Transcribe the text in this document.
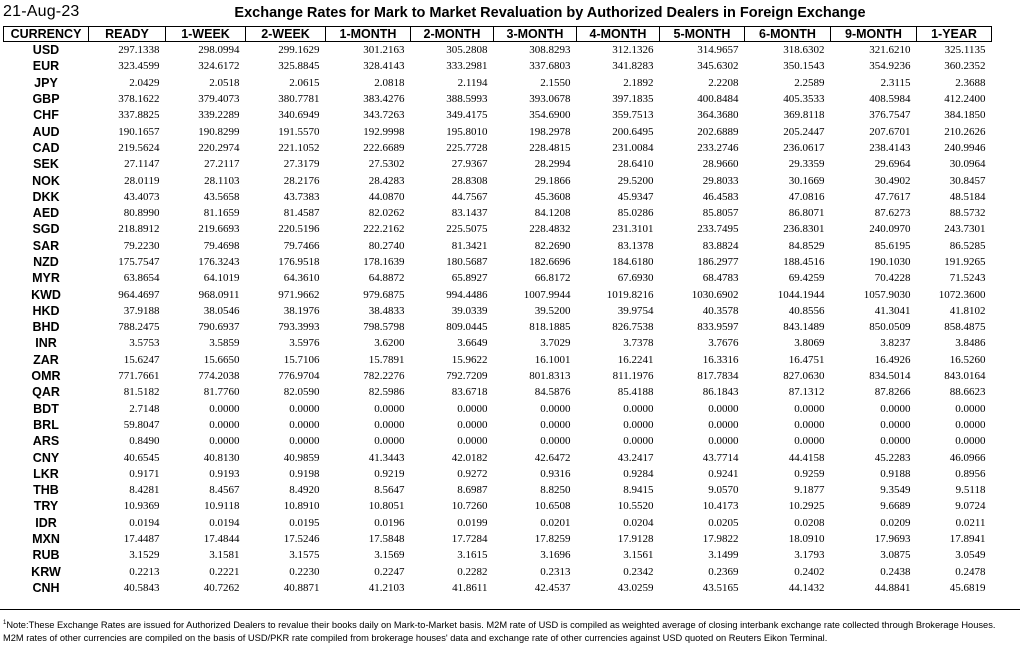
21-Aug-23	Exchange Rates for Mark to Market Revaluation by Authorized Dealers in Foreign Exchange
CURRENCY	READY	1-WEEK	2-WEEK	1-MONTH	2-MONTH	3-MONTH	4-MONTH	5-MONTH	6-MONTH	9-MONTH	1-YEAR
USD	297.1338	298.0994	299.1629	301.2163	305.2808	308.8293	312.1326	314.9657	318.6302	321.6210	325.1135
EUR	323.4599	324.6172	325.8845	328.4143	333.2981	337.6803	341.8283	345.6302	350.1543	354.9236	360.2352
JPY	2.0429	2.0518	2.0615	2.0818	2.1194	2.1550	2.1892	2.2208	2.2589	2.3115	2.3688
GBP	378.1622	379.4073	380.7781	383.4276	388.5993	393.0678	397.1835	400.8484	405.3533	408.5984	412.2400
CHF	337.8825	339.2289	340.6949	343.7263	349.4175	354.6900	359.7513	364.3680	369.8118	376.7547	384.1850
AUD	190.1657	190.8299	191.5570	192.9998	195.8010	198.2978	200.6495	202.6889	205.2447	207.6701	210.2626
CAD	219.5624	220.2974	221.1052	222.6689	225.7728	228.4815	231.0084	233.2746	236.0617	238.4143	240.9946
SEK	27.1147	27.2117	27.3179	27.5302	27.9367	28.2994	28.6410	28.9660	29.3359	29.6964	30.0964
NOK	28.0119	28.1103	28.2176	28.4283	28.8308	29.1866	29.5200	29.8033	30.1669	30.4902	30.8457
DKK	43.4073	43.5658	43.7383	44.0870	44.7567	45.3608	45.9347	46.4583	47.0816	47.7617	48.5184
AED	80.8990	81.1659	81.4587	82.0262	83.1437	84.1208	85.0286	85.8057	86.8071	87.6273	88.5732
SGD	218.8912	219.6693	220.5196	222.2162	225.5075	228.4832	231.3101	233.7495	236.8301	240.0970	243.7301
SAR	79.2230	79.4698	79.7466	80.2740	81.3421	82.2690	83.1378	83.8824	84.8529	85.6195	86.5285
NZD	175.7547	176.3243	176.9518	178.1639	180.5687	182.6696	184.6180	186.2977	188.4516	190.1030	191.9265
MYR	63.8654	64.1019	64.3610	64.8872	65.8927	66.8172	67.6930	68.4783	69.4259	70.4228	71.5243
KWD	964.4697	968.0911	971.9662	979.6875	994.4486	1007.9944	1019.8216	1030.6902	1044.1944	1057.9030	1072.3600
HKD	37.9188	38.0546	38.1976	38.4833	39.0339	39.5200	39.9754	40.3578	40.8556	41.3041	41.8102
BHD	788.2475	790.6937	793.3993	798.5798	809.0445	818.1885	826.7538	833.9597	843.1489	850.0509	858.4875
INR	3.5753	3.5859	3.5976	3.6200	3.6649	3.7029	3.7378	3.7676	3.8069	3.8237	3.8486
ZAR	15.6247	15.6650	15.7106	15.7891	15.9622	16.1001	16.2241	16.3316	16.4751	16.4926	16.5260
OMR	771.7661	774.2038	776.9704	782.2276	792.7209	801.8313	811.1976	817.7834	827.0630	834.5014	843.0164
QAR	81.5182	81.7760	82.0590	82.5986	83.6718	84.5876	85.4188	86.1843	87.1312	87.8266	88.6623
BDT	2.7148	0.0000	0.0000	0.0000	0.0000	0.0000	0.0000	0.0000	0.0000	0.0000	0.0000
BRL	59.8047	0.0000	0.0000	0.0000	0.0000	0.0000	0.0000	0.0000	0.0000	0.0000	0.0000
ARS	0.8490	0.0000	0.0000	0.0000	0.0000	0.0000	0.0000	0.0000	0.0000	0.0000	0.0000
CNY	40.6545	40.8130	40.9859	41.3443	42.0182	42.6472	43.2417	43.7714	44.4158	45.2283	46.0966
LKR	0.9171	0.9193	0.9198	0.9219	0.9272	0.9316	0.9284	0.9241	0.9259	0.9188	0.8956
THB	8.4281	8.4567	8.4920	8.5647	8.6987	8.8250	8.9415	9.0570	9.1877	9.3549	9.5118
TRY	10.9369	10.9118	10.8910	10.8051	10.7260	10.6508	10.5520	10.4173	10.2925	9.6689	9.0724
IDR	0.0194	0.0194	0.0195	0.0196	0.0199	0.0201	0.0204	0.0205	0.0208	0.0209	0.0211
MXN	17.4487	17.4844	17.5246	17.5848	17.7284	17.8259	17.9128	17.9822	18.0910	17.9693	17.8941
RUB	3.1529	3.1581	3.1575	3.1569	3.1615	3.1696	3.1561	3.1499	3.1793	3.0875	3.0549
KRW	0.2213	0.2221	0.2230	0.2247	0.2282	0.2313	0.2342	0.2369	0.2402	0.2438	0.2478
CNH	40.5843	40.7262	40.8871	41.2103	41.8611	42.4537	43.0259	43.5165	44.1432	44.8841	45.6819
$^1$Note:These Exchange Rates are issued for Authorized Dealers to revalue their books daily on Mark-to-Market basis. M2M rate of USD is compiled as weighted average of closing interbank exchange rate collected through Brokerage Houses. M2M rates of other currencies are compiled on the basis of USD/PKR rate compiled from brokerage houses' data and exchange rate of other currencies against USD quoted on Reuters Eikon Terminal.
